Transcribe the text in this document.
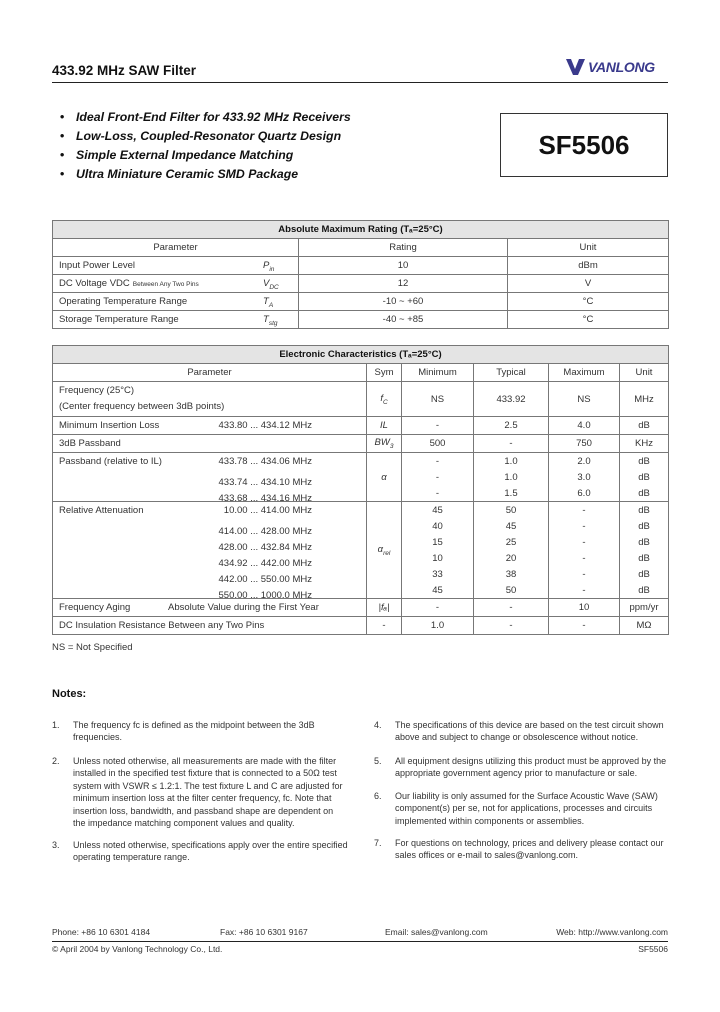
433.92 MHz SAW Filter	VANLONG
• Ideal Front-End Filter for 433.92 MHz Receivers
• Low-Loss, Coupled-Resonator Quartz Design
• Simple External Impedance Matching
• Ultra Miniature Ceramic SMD Package
SF5506
Absolute Maximum Rating (Tₐ=25°C)		
Parameter	Rating	Unit
Input Power Level $P_{in}$	10	dBm
DC Voltage VDC Between Any Two Pins $V_{DC}$	12	V
Operating Temperature Range $T_A$	-10 ~ +60	°C
Storage Temperature Range $T_{stg}$	-40 ~ +85	°C
Electronic Characteristics (Tₐ=25°C)					
Parameter	Sym	Minimum	Typical	Maximum	Unit
Frequency (25°C)
(Center frequency between 3dB points)	$f_C$	NS	433.92	NS	MHz
Minimum Insertion Loss 433.80 ... 434.12 MHz	IL	-	2.5	4.0	dB
3dB Passband	$BW_3$	500	-	750	KHz
Passband (relative to IL) 433.78 ... 434.06 MHz	α	-	1.0	2.0	dB

433.74 ... 434.10 MHz		-	1.0	3.0	dB

433.68 ... 434.16 MHz		-	1.5	6.0	dB
Relative Attenuation 10.00 ... 414.00 MHz	$\alpha_{rel}$	45	50	-	dB

414.00 ... 428.00 MHz		40	45	-	dB

428.00 ... 432.84 MHz		15	25	-	dB

434.92 ... 442.00 MHz		10	20	-	dB

442.00 ... 550.00 MHz		33	38	-	dB

550.00 ... 1000.0 MHz		45	50	-	dB
Frequency Aging Absolute Value during the First Year	|fₐ|	-	-	10	ppm/yr
DC Insulation Resistance Between any Two Pins	-	1.0	-	-	MΩ
NS = Not Specified
Notes:
1. The frequency fᴄ is defined as the midpoint between the 3dB frequencies.
2. Unless noted otherwise, all measurements are made with the filter installed in the specified test fixture that is connected to a 50Ω test system with VSWR ≤ 1.2:1. The test fixture L and C are adjusted for minimum insertion loss at the filter center frequency, fᴄ. Note that insertion loss, bandwidth, and passband shape are dependent on the impedance matching component values and quality.
3. Unless noted otherwise, specifications apply over the entire specified operating temperature range.
4. The specifications of this device are based on the test circuit shown above and subject to change or obsolescence without notice.
5. All equipment designs utilizing this product must be approved by the appropriate government agency prior to manufacture or sale.
6. Our liability is only assumed for the Surface Acoustic Wave (SAW) component(s) per se, not for applications, processes and circuits implemented within components or assemblies.
7. For questions on technology, prices and delivery please contact our sales offices or e-mail to sales@vanlong.com.
Phone: +86 10 6301 4184	Fax: +86 10 6301 9167	Email: sales@vanlong.com	Web: http://www.vanlong.com
© April 2004 by Vanlong Technology Co., Ltd.	SF5506
